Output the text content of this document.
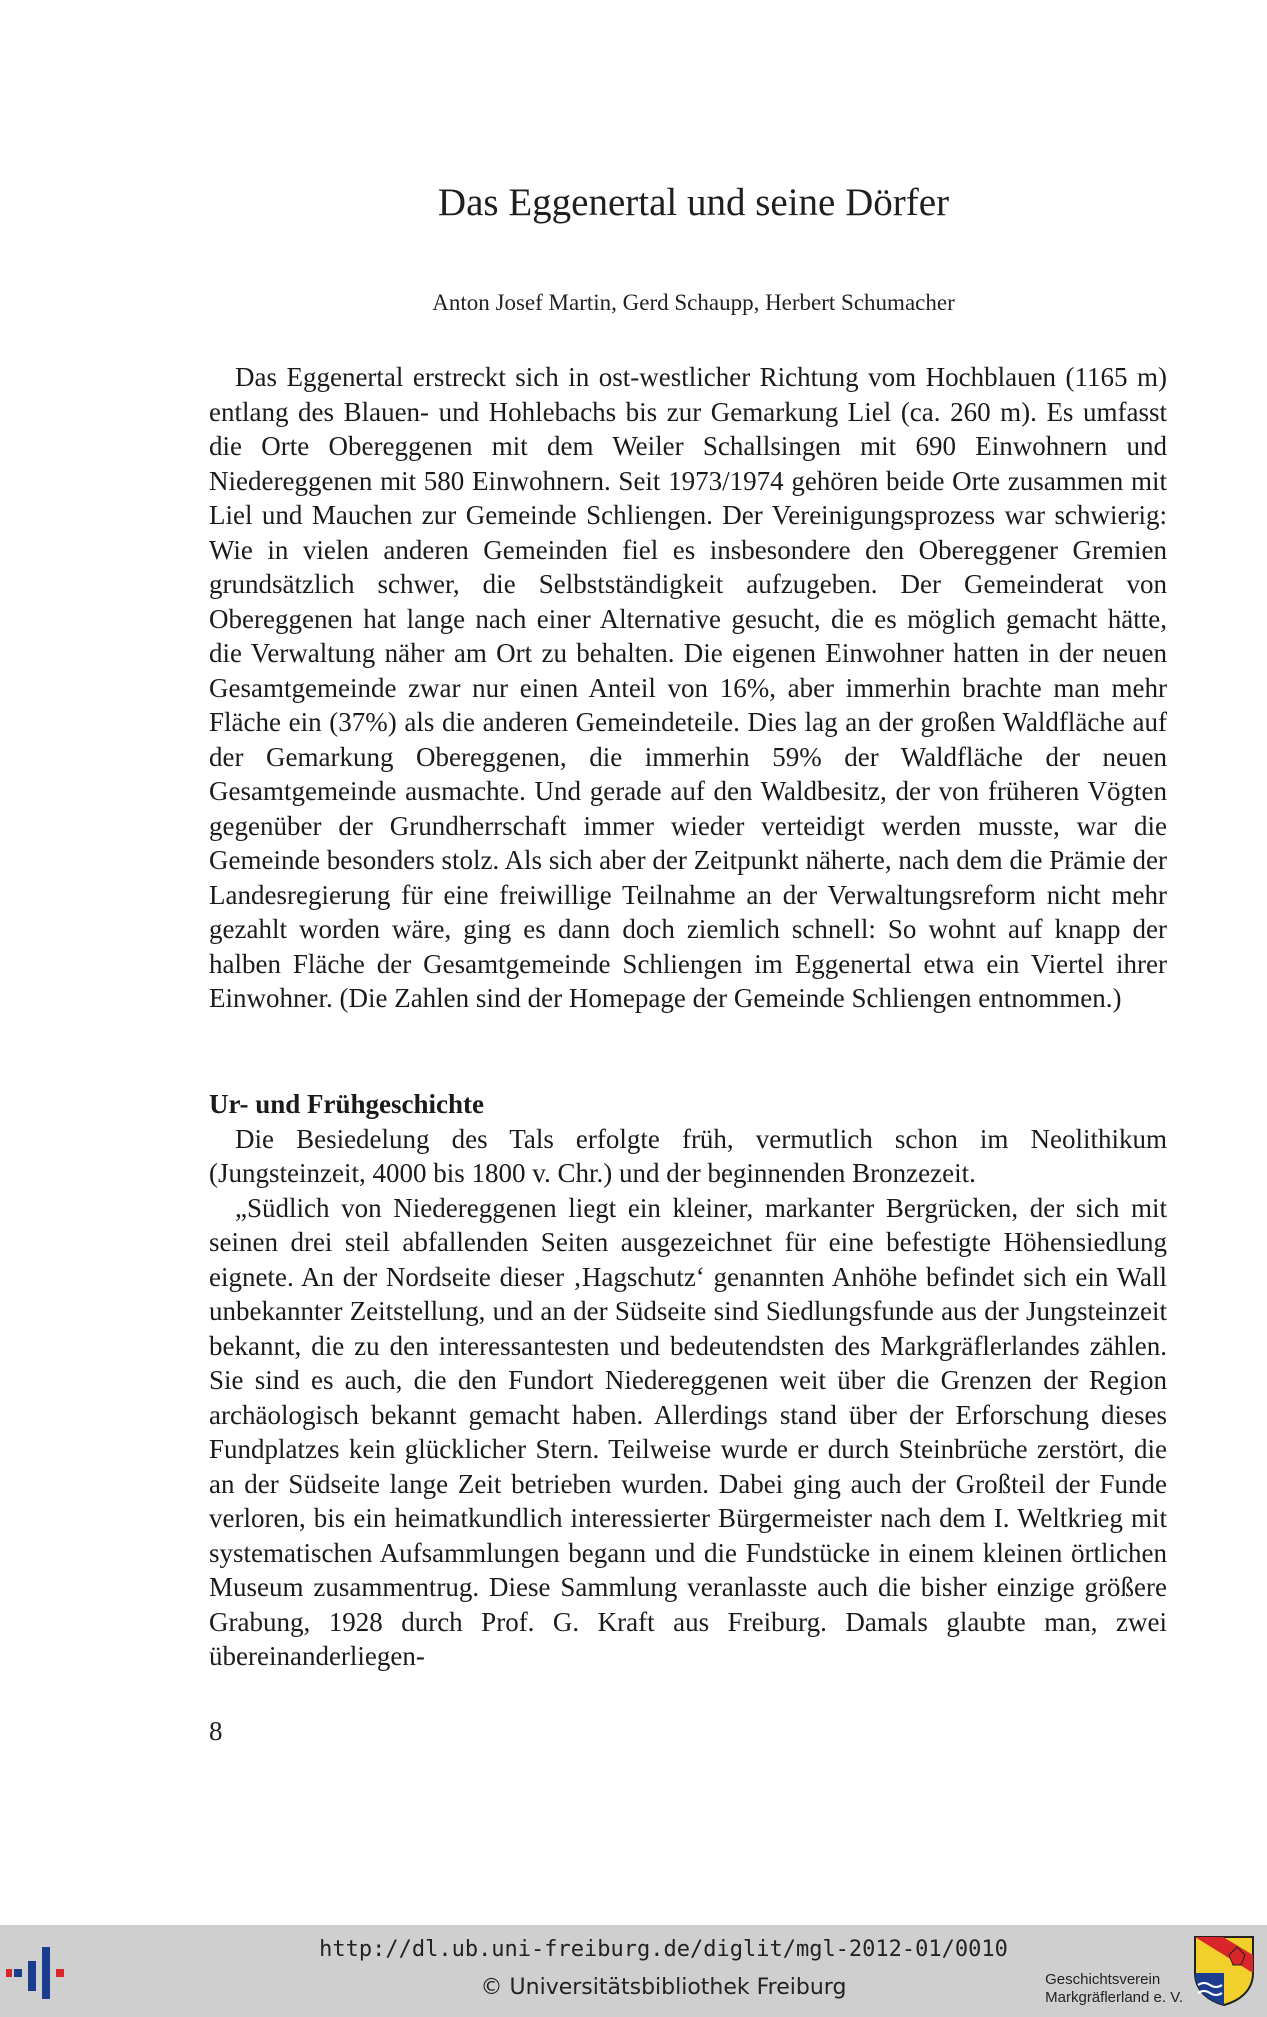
Das Eggenertal und seine Dörfer
Anton Josef Martin, Gerd Schaupp, Herbert Schumacher

Das Eggenertal erstreckt sich in ost-westlicher Richtung vom Hochblauen (1165 m) entlang des Blauen- und Hohlebachs bis zur Gemarkung Liel (ca. 260 m). Es umfasst die Orte Obereggenen mit dem Weiler Schallsingen mit 690 Einwohnern und Niedereggenen mit 580 Einwohnern. Seit 1973/1974 gehören beide Orte zusammen mit Liel und Mauchen zur Gemeinde Schliengen. Der Vereinigungsprozess war schwierig: Wie in vielen anderen Gemeinden fiel es insbesondere den Obereggener Gremien grundsätzlich schwer, die Selbstständigkeit aufzugeben. Der Gemeinderat von Obereggenen hat lange nach einer Alternative gesucht, die es möglich gemacht hätte, die Verwaltung näher am Ort zu behalten. Die eigenen Einwohner hatten in der neuen Gesamtgemeinde zwar nur einen Anteil von 16%, aber immerhin brachte man mehr Fläche ein (37%) als die anderen Gemeindeteile. Dies lag an der großen Waldfläche auf der Gemarkung Obereggenen, die immerhin 59% der Waldfläche der neuen Gesamtgemeinde ausmachte. Und gerade auf den Waldbesitz, der von früheren Vögten gegenüber der Grundherrschaft immer wieder verteidigt werden musste, war die Gemeinde besonders stolz. Als sich aber der Zeitpunkt näherte, nach dem die Prämie der Landesregierung für eine freiwillige Teilnahme an der Verwaltungsreform nicht mehr gezahlt worden wäre, ging es dann doch ziemlich schnell: So wohnt auf knapp der halben Fläche der Gesamtgemeinde Schliengen im Eggenertal etwa ein Viertel ihrer Einwohner. (Die Zahlen sind der Homepage der Gemeinde Schliengen entnommen.)

Ur- und Frühgeschichte

Die Besiedelung des Tals erfolgte früh, vermutlich schon im Neolithikum (Jungsteinzeit, 4000 bis 1800 v. Chr.) und der beginnenden Bronzezeit.

„Südlich von Niedereggenen liegt ein kleiner, markanter Bergrücken, der sich mit seinen drei steil abfallenden Seiten ausgezeichnet für eine befestigte Höhensiedlung eignete. An der Nordseite dieser ‚Hagschutz‘ genannten Anhöhe befindet sich ein Wall unbekannter Zeitstellung, und an der Südseite sind Siedlungsfunde aus der Jungsteinzeit bekannt, die zu den interessantesten und bedeutendsten des Markgräflerlandes zählen. Sie sind es auch, die den Fundort Niedereggenen weit über die Grenzen der Region archäologisch bekannt gemacht haben. Allerdings stand über der Erforschung dieses Fundplatzes kein glücklicher Stern. Teilweise wurde er durch Steinbrüche zerstört, die an der Südseite lange Zeit betrieben wurden. Dabei ging auch der Großteil der Funde verloren, bis ein heimatkundlich interessierter Bürgermeister nach dem I. Weltkrieg mit systematischen Aufsammlungen begann und die Fundstücke in einem kleinen örtlichen Museum zusammentrug. Diese Sammlung veranlasste auch die bisher einzige größere Grabung, 1928 durch Prof. G. Kraft aus Freiburg. Damals glaubte man, zwei übereinanderliegen-

8
http://dl.ub.uni-freiburg.de/diglit/mgl-2012-01/0010
© Universitätsbibliothek Freiburg	Geschichtsverein
Markgräflerland e. V.
